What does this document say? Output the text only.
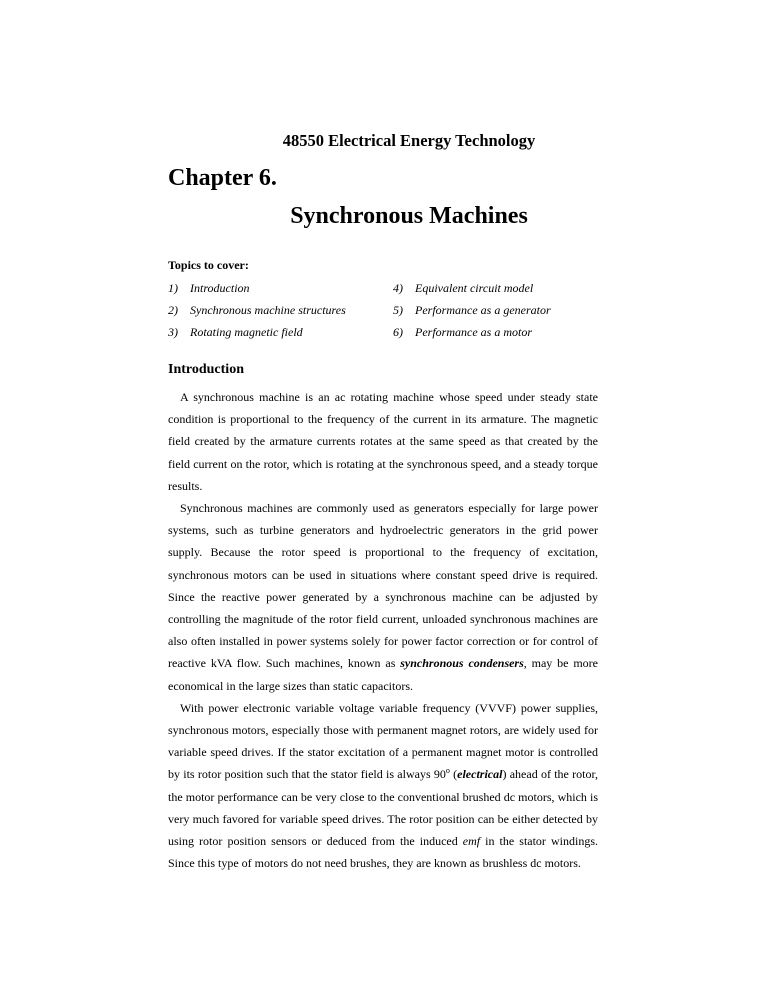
48550 Electrical Energy Technology
Chapter 6.
Synchronous Machines
Topics to cover:
1) Introduction
2) Synchronous machine structures
3) Rotating magnetic field
4) Equivalent circuit model
5) Performance as a generator
6) Performance as a motor
Introduction

A synchronous machine is an ac rotating machine whose speed under steady state condition is proportional to the frequency of the current in its armature. The magnetic field created by the armature currents rotates at the same speed as that created by the field current on the rotor, which is rotating at the synchronous speed, and a steady torque results.

Synchronous machines are commonly used as generators especially for large power systems, such as turbine generators and hydroelectric generators in the grid power supply. Because the rotor speed is proportional to the frequency of excitation, synchronous motors can be used in situations where constant speed drive is required. Since the reactive power generated by a synchronous machine can be adjusted by controlling the magnitude of the rotor field current, unloaded synchronous machines are also often installed in power systems solely for power factor correction or for control of reactive kVA flow. Such machines, known as synchronous condensers, may be more economical in the large sizes than static capacitors.

With power electronic variable voltage variable frequency (VVVF) power supplies, synchronous motors, especially those with permanent magnet rotors, are widely used for variable speed drives. If the stator excitation of a permanent magnet motor is controlled by its rotor position such that the stator field is always 90$^o$ (electrical) ahead of the rotor, the motor performance can be very close to the conventional brushed dc motors, which is very much favored for variable speed drives. The rotor position can be either detected by using rotor position sensors or deduced from the induced emf in the stator windings. Since this type of motors do not need brushes, they are known as brushless dc motors.
